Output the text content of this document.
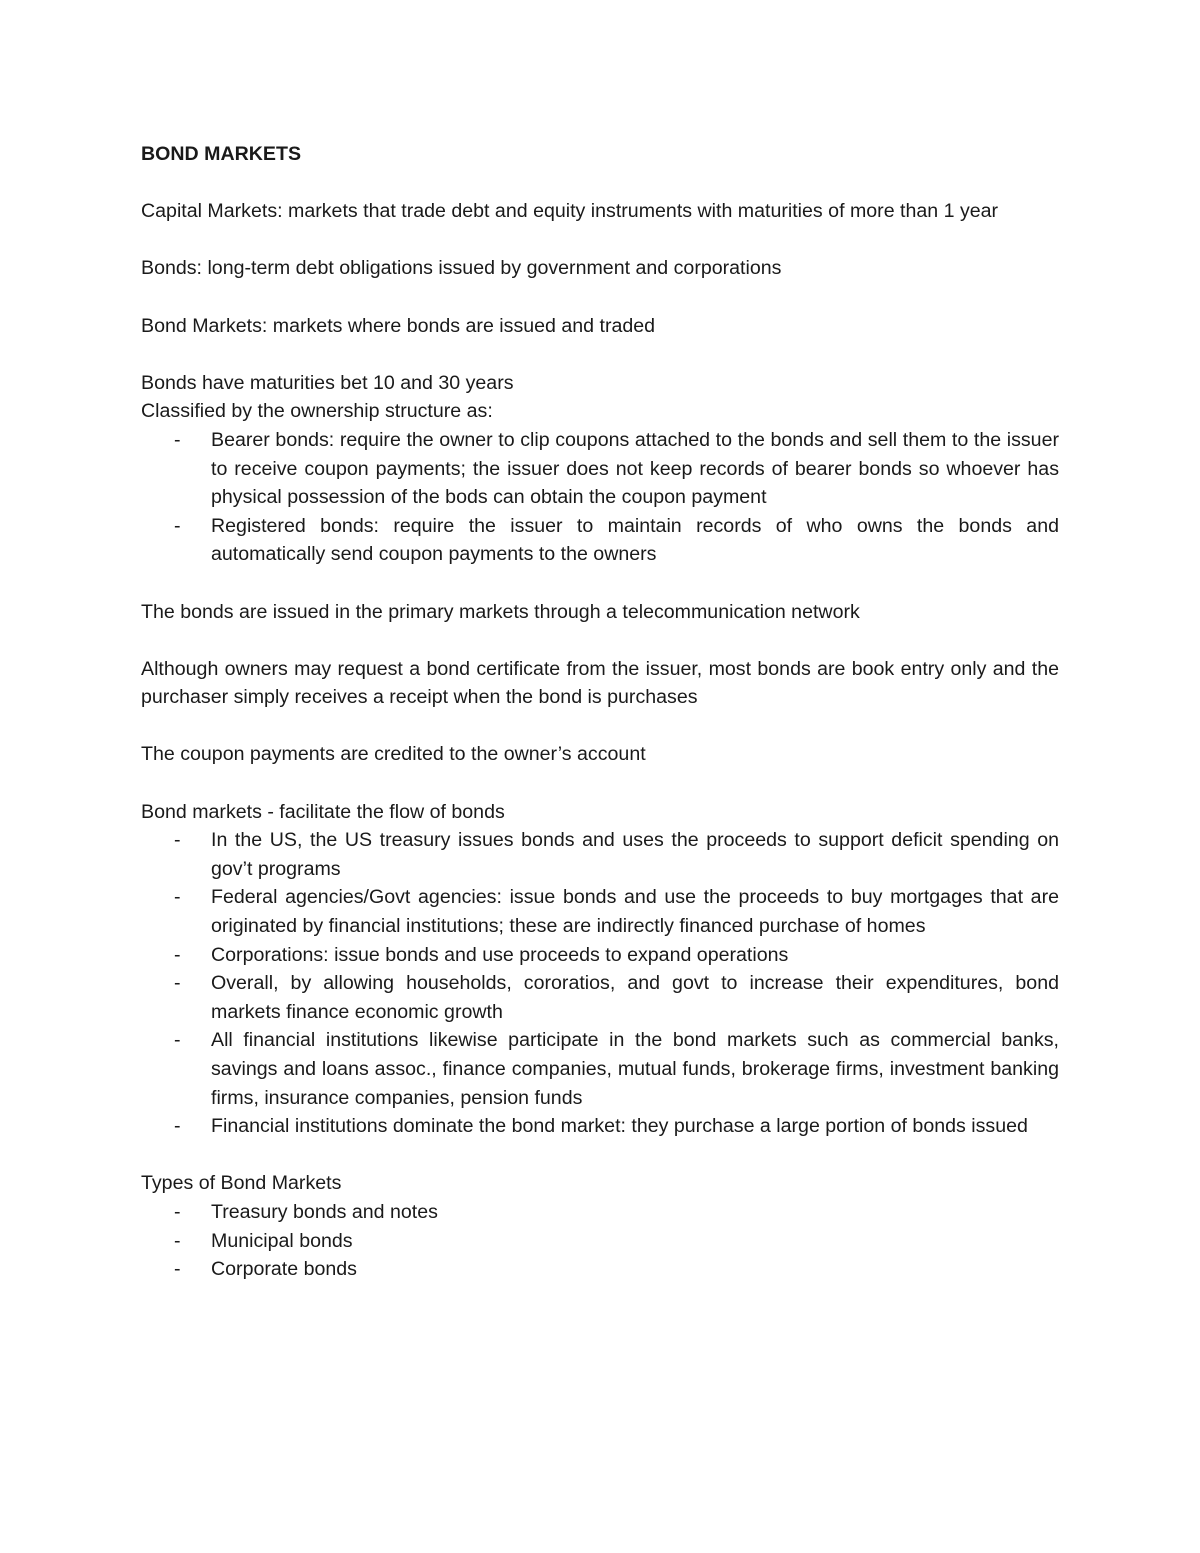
BOND MARKETS

Capital Markets: markets that trade debt and equity instruments with maturities of more than 1 year

Bonds: long-term debt obligations issued by government and corporations

Bond Markets: markets where bonds are issued and traded

Bonds have maturities bet 10 and 30 years

Classified by the ownership structure as:

- Bearer bonds: require the owner to clip coupons attached to the bonds and sell them to the issuer to receive coupon payments; the issuer does not keep records of bearer bonds so whoever has physical possession of the bods can obtain the coupon payment
- Registered bonds: require the issuer to maintain records of who owns the bonds and automatically send coupon payments to the owners

The bonds are issued in the primary markets through a telecommunication network

Although owners may request a bond certificate from the issuer, most bonds are book entry only and the purchaser simply receives a receipt when the bond is purchases

The coupon payments are credited to the owner’s account

Bond markets - facilitate the flow of bonds

- In the US, the US treasury issues bonds and uses the proceeds to support deficit spending on gov’t programs
- Federal agencies/Govt agencies: issue bonds and use the proceeds to buy mortgages that are originated by financial institutions; these are indirectly financed purchase of homes
- Corporations: issue bonds and use proceeds to expand operations
- Overall, by allowing households, cororatios, and govt to increase their expenditures, bond markets finance economic growth
- All financial institutions likewise participate in the bond markets such as commercial banks, savings and loans assoc., finance companies, mutual funds, brokerage firms, investment banking firms, insurance companies, pension funds
- Financial institutions dominate the bond market: they purchase a large portion of bonds issued

Types of Bond Markets

- Treasury bonds and notes
- Municipal bonds
- Corporate bonds
